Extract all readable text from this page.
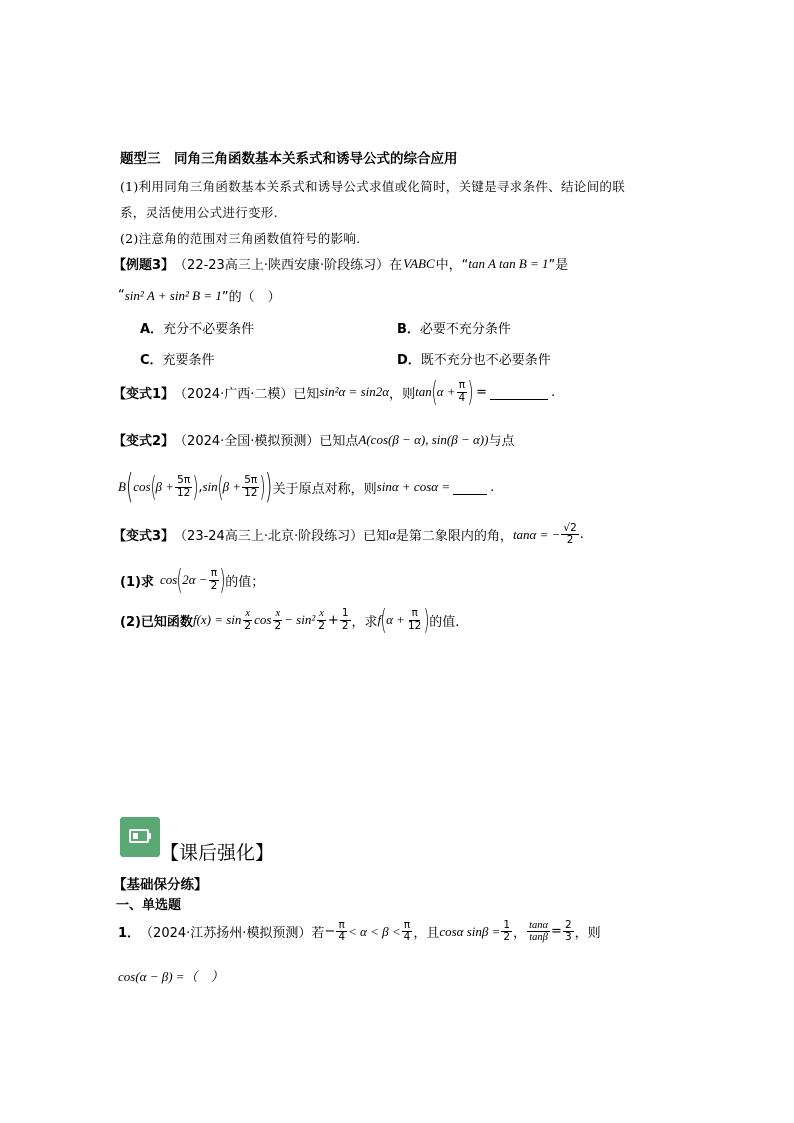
题型三　同角三角函数基本关系式和诱导公式的综合应用
(1)利用同角三角函数基本关系式和诱导公式求值或化简时，关键是寻求条件、结论间的联
系，灵活使用公式进行变形.
(2)注意角的范围对三角函数值符号的影响.
【例题3】 （22-23高三上·陕西安康·阶段练习）在 VABC 中，“ tan A tan B = 1 ”是
“ sin² A + sin² B = 1 ”的（　）
A．充分不必要条件	B．必要不充分条件
C．充要条件	D．既不充分也不必要条件
【变式1】 （2024·广西·二模）已知 sin²α = sin2α ，则 tan ( $\alpha + \frac{\pi}{4}$ ) =	.
【变式2】 （2024·全国·模拟预测）已知点 A(cos(β − α), sin(β − α)) 与点
B ( cos ( $\beta + \frac{5\pi}{12}$ ) , sin ( $\beta + \frac{5\pi}{12}$ ) ) 关于原点对称，则 sinα + cosα =	.
【变式3】 （23-24高三上·北京·阶段练习）已知 α 是第二象限内的角， tanα = − $\frac{√2}{2}$ .
(1)求 cos ( $2\alpha - \frac{\pi}{2}$ ) 的值；
(2)已知函数 $f(x) = \sin \frac{x}{2}$ $\cos \frac{x}{2} - \sin^2 \frac{x}{2} + \frac{1}{2}$ ，求 f ( $\alpha + \frac{\pi}{12}$ ) 的值.
【课后强化】
【基础保分练】
一、单选题
1． （2024·江苏扬州·模拟预测）若 − $\frac{\pi}{4} < \alpha < \beta < \frac{\pi}{4}$ ，且 cosα $\sin\beta = \frac{1}{2}$ ， $\frac{\tan\alpha}{\tan\beta} = \frac{2}{3}$ ，则
cos(α − β) =（　）
